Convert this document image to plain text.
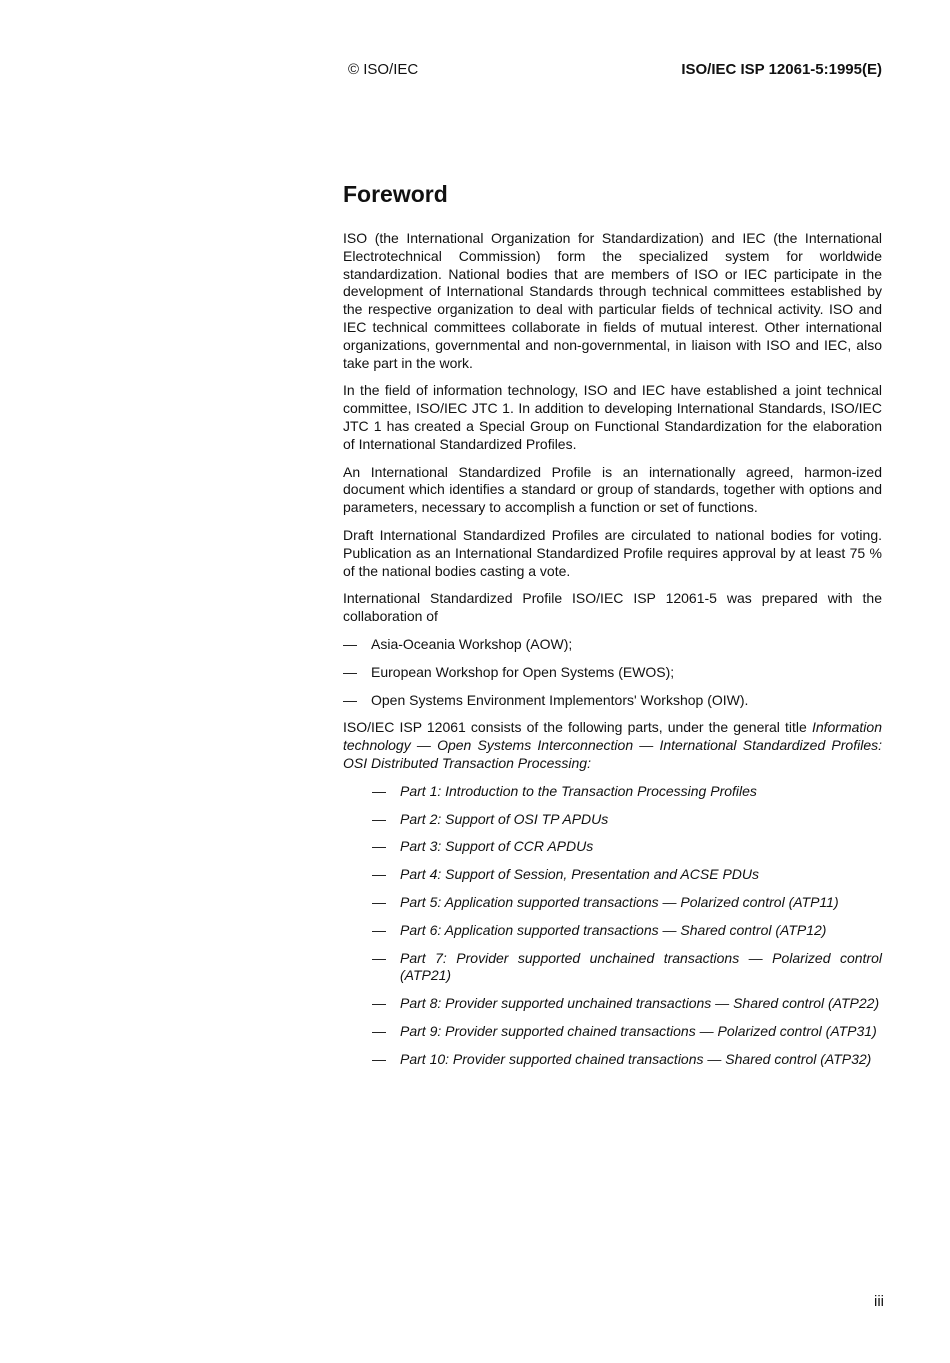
© ISO/IEC	ISO/IEC ISP 12061-5:1995(E)
Foreword

ISO (the International Organization for Standardization) and IEC (the International Electrotechnical Commission) form the specialized system for worldwide standardization. National bodies that are members of ISO or IEC participate in the development of International Standards through technical committees established by the respective organization to deal with particular fields of technical activity. ISO and IEC technical committees collaborate in fields of mutual interest. Other international organizations, governmental and non-governmental, in liaison with ISO and IEC, also take part in the work.

In the field of information technology, ISO and IEC have established a joint technical committee, ISO/IEC JTC 1. In addition to developing International Standards, ISO/IEC JTC 1 has created a Special Group on Functional Standardization for the elaboration of International Standardized Profiles.

An International Standardized Profile is an internationally agreed, harmon-ized document which identifies a standard or group of standards, together with options and parameters, necessary to accomplish a function or set of functions.

Draft International Standardized Profiles are circulated to national bodies for voting. Publication as an International Standardized Profile requires approval by at least 75 % of the national bodies casting a vote.

International Standardized Profile ISO/IEC ISP 12061-5 was prepared with the collaboration of

— Asia-Oceania Workshop (AOW);
— European Workshop for Open Systems (EWOS);
— Open Systems Environment Implementors' Workshop (OIW).

ISO/IEC ISP 12061 consists of the following parts, under the general title Information technology — Open Systems Interconnection — International Standardized Profiles: OSI Distributed Transaction Processing:

— Part 1: Introduction to the Transaction Processing Profiles
— Part 2: Support of OSI TP APDUs
— Part 3: Support of CCR APDUs
— Part 4: Support of Session, Presentation and ACSE PDUs
— Part 5: Application supported transactions — Polarized control (ATP11)
— Part 6: Application supported transactions — Shared control (ATP12)
— Part 7: Provider supported unchained transactions — Polarized control (ATP21)
— Part 8: Provider supported unchained transactions — Shared control (ATP22)
— Part 9: Provider supported chained transactions — Polarized control (ATP31)
— Part 10: Provider supported chained transactions — Shared control (ATP32)
iii
